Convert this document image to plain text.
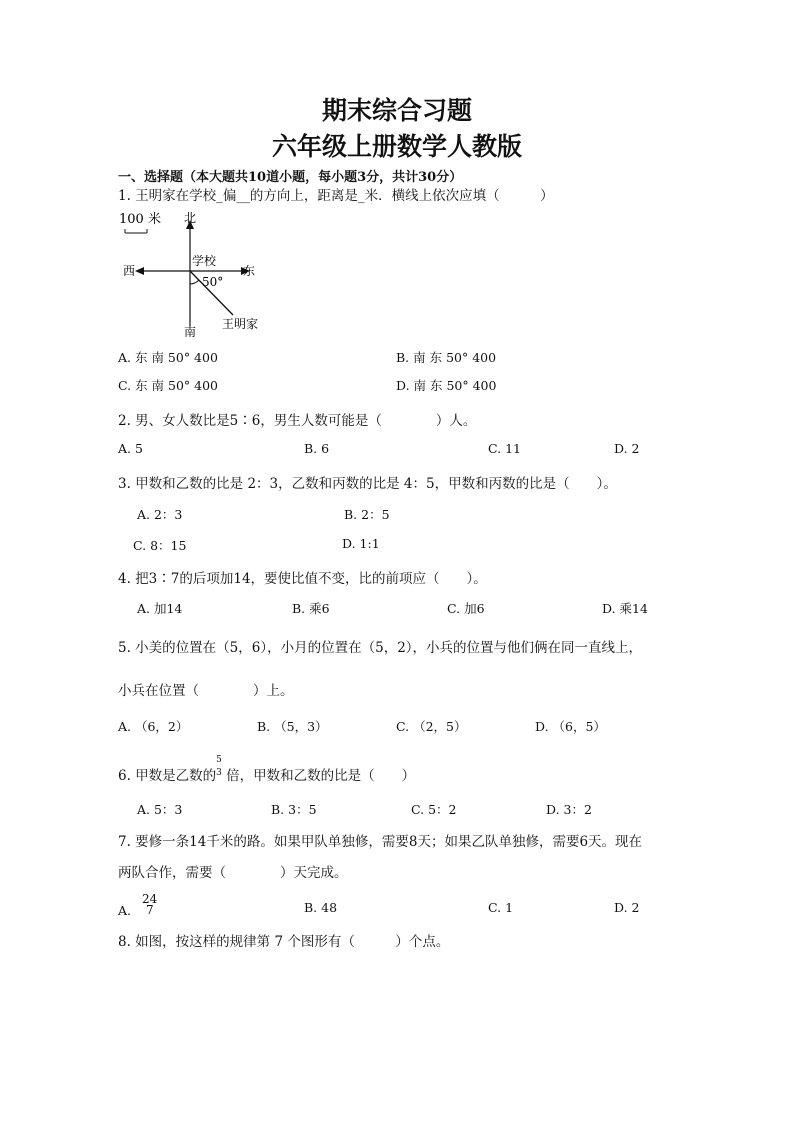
期末综合习题
六年级上册数学人教版
一、选择题（本大题共10道小题，每小题3分，共计30分）
1. 王明家在学校_偏__的方向上，距离是_米．横线上依次应填（　　　）
100 米 北
南
东
西
学校
50°
王明家
A. 东 南 50° 400	B. 南 东 50° 400
C. 东 南 50° 400	D. 南 东 50° 400
2. 男、女人数比是5∶6，男生人数可能是（　　　　）人。
A. 5	B. 6	C. 11	D. 2
3. 甲数和乙数的比是 2：3，乙数和丙数的比是 4：5，甲数和丙数的比是（　　）。
A. 2：3	B. 2：5
C. 8：15	D. 1:1
4. 把3∶7的后项加14，要使比值不变，比的前项应（　　）。
A. 加14	B. 乘6	C. 加6	D. 乘14
5. 小美的位置在（5，6），小月的位置在（5，2），小兵的位置与他们俩在同一直线上，
小兵在位置（　　　　）上。
A. （6，2）	B. （5，3）	C. （2，5）	D. （6，5）
6. 甲数是乙数的
5
3 倍，甲数和乙数的比是（　　）
A. 5：3	B. 3：5	C. 5：2	D. 3：2
7. 要修一条14千米的路。如果甲队单独修，需要8天；如果乙队单独修，需要6天。现在
两队合作，需要（　　　　）天完成。
A.
24
7	B. 48	C. 1	D. 2
8. 如图，按这样的规律第 7 个图形有（　　　）个点。
